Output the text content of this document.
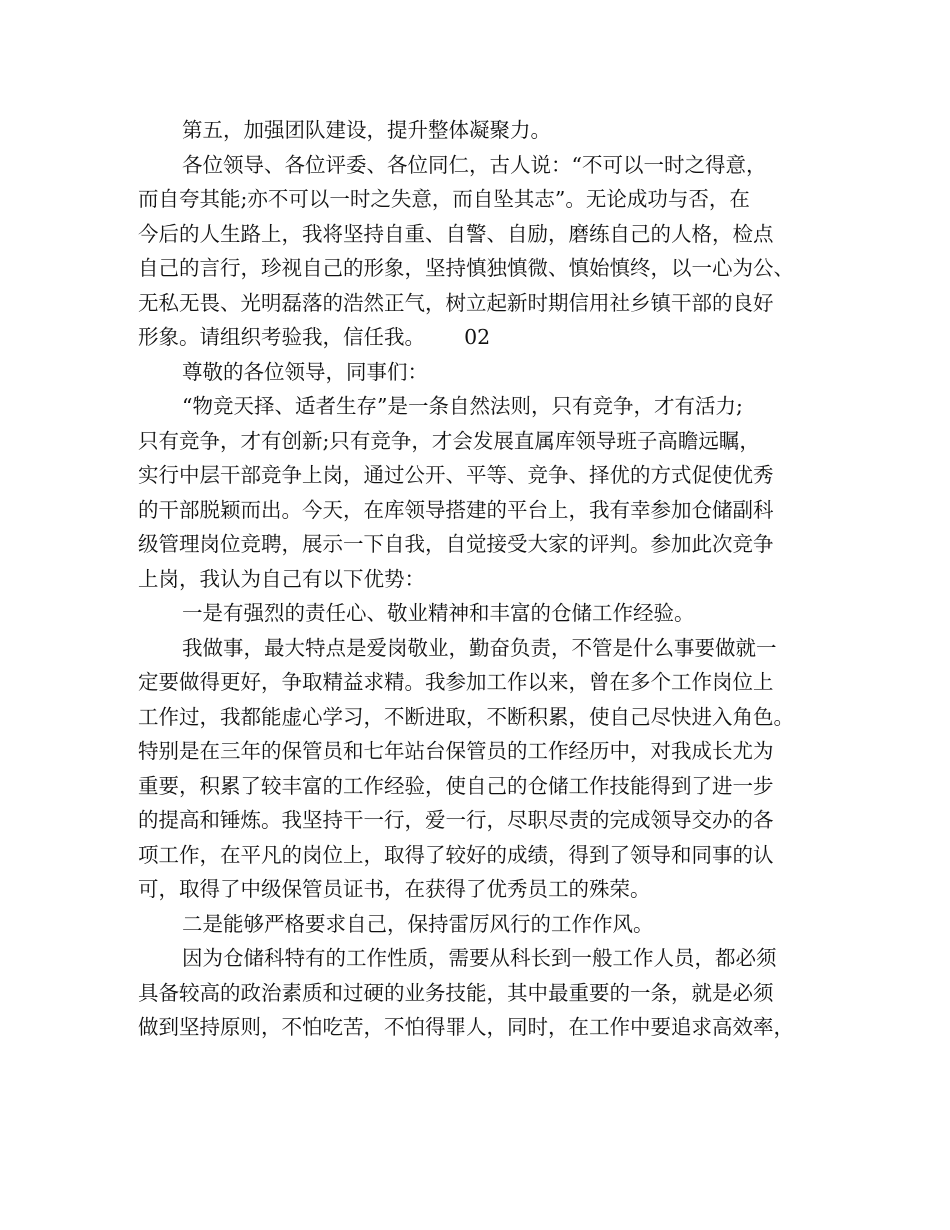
第五，加强团队建设，提升整体凝聚力。
各位领导、各位评委、各位同仁，古人说：“不可以一时之得意，
而自夸其能;亦不可以一时之失意，而自坠其志”。无论成功与否，在
今后的人生路上，我将坚持自重、自警、自励，磨练自己的人格，检点
自己的言行，珍视自己的形象，坚持慎独慎微、慎始慎终，以一心为公、
无私无畏、光明磊落的浩然正气，树立起新时期信用社乡镇干部的良好
形象。请组织考验我，信任我。      02
尊敬的各位领导，同事们：
“物竞天择、适者生存”是一条自然法则，只有竞争，才有活力;
只有竞争，才有创新;只有竞争，才会发展直属库领导班子高瞻远瞩，
实行中层干部竞争上岗，通过公开、平等、竞争、择优的方式促使优秀
的干部脱颖而出。今天，在库领导搭建的平台上，我有幸参加仓储副科
级管理岗位竞聘，展示一下自我，自觉接受大家的评判。参加此次竞争
上岗，我认为自己有以下优势：
一是有强烈的责任心、敬业精神和丰富的仓储工作经验。
我做事，最大特点是爱岗敬业，勤奋负责，不管是什么事要做就一
定要做得更好，争取精益求精。我参加工作以来，曾在多个工作岗位上
工作过，我都能虚心学习，不断进取，不断积累，使自己尽快进入角色。
特别是在三年的保管员和七年站台保管员的工作经历中，对我成长尤为
重要，积累了较丰富的工作经验，使自己的仓储工作技能得到了进一步
的提高和锤炼。我坚持干一行，爱一行，尽职尽责的完成领导交办的各
项工作，在平凡的岗位上，取得了较好的成绩，得到了领导和同事的认
可，取得了中级保管员证书，在获得了优秀员工的殊荣。
二是能够严格要求自己，保持雷厉风行的工作作风。
因为仓储科特有的工作性质，需要从科长到一般工作人员，都必须
具备较高的政治素质和过硬的业务技能，其中最重要的一条，就是必须
做到坚持原则，不怕吃苦，不怕得罪人，同时，在工作中要追求高效率，
